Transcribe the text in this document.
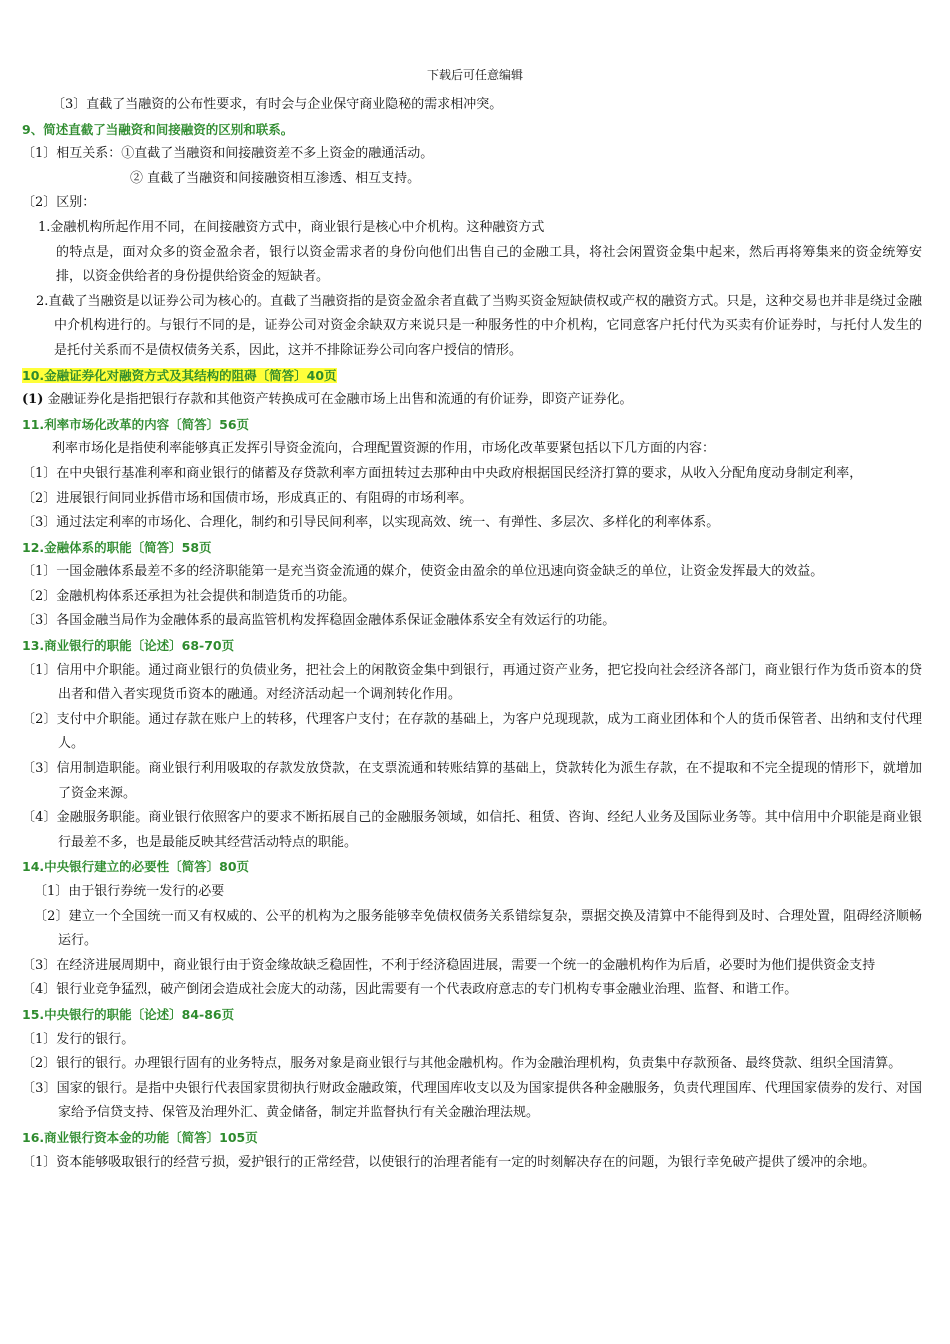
下载后可任意编辑
〔3〕直截了当融资的公布性要求，有时会与企业保守商业隐秘的需求相冲突。
9、简述直截了当融资和间接融资的区别和联系。
〔1〕相互关系：①直截了当融资和间接融资差不多上资金的融通活动。
② 直截了当融资和间接融资相互渗透、相互支持。
〔2〕区别：
1.金融机构所起作用不同，在间接融资方式中，商业银行是核心中介机构。这种融资方式
的特点是，面对众多的资金盈余者，银行以资金需求者的身份向他们出售自己的金融工具，将社会闲置资金集中起来，然后再将筹集来的资金统筹安排，以资金供给者的身份提供给资金的短缺者。
2.直截了当融资是以证券公司为核心的。直截了当融资指的是资金盈余者直截了当购买资金短缺债权或产权的融资方式。只是，这种交易也并非是绕过金融中介机构进行的。与银行不同的是，证券公司对资金余缺双方来说只是一种服务性的中介机构，它同意客户托付代为买卖有价证券时，与托付人发生的是托付关系而不是债权债务关系，因此，这并不排除证券公司向客户授信的情形。
10.金融证券化对融资方式及其结构的阻碍〔简答〕40页
(1) 金融证券化是指把银行存款和其他资产转换成可在金融市场上出售和流通的有价证券，即资产证券化。
11.利率市场化改革的内容〔简答〕56页
利率市场化是指使利率能够真正发挥引导资金流向，合理配置资源的作用，市场化改革要紧包括以下几方面的内容：
〔1〕在中央银行基准利率和商业银行的储蓄及存贷款利率方面扭转过去那种由中央政府根据国民经济打算的要求，从收入分配角度动身制定利率，
〔2〕进展银行间同业拆借市场和国债市场，形成真正的、有阻碍的市场利率。
〔3〕通过法定利率的市场化、合理化，制约和引导民间利率，以实现高效、统一、有弹性、多层次、多样化的利率体系。
12.金融体系的职能〔简答〕58页
〔1〕一国金融体系最差不多的经济职能第一是充当资金流通的媒介，使资金由盈余的单位迅速向资金缺乏的单位，让资金发挥最大的效益。
〔2〕金融机构体系还承担为社会提供和制造货币的功能。
〔3〕各国金融当局作为金融体系的最高监管机构发挥稳固金融体系保证金融体系安全有效运行的功能。
13.商业银行的职能〔论述〕68-70页
〔1〕信用中介职能。通过商业银行的负债业务，把社会上的闲散资金集中到银行，再通过资产业务，把它投向社会经济各部门，商业银行作为货币资本的贷出者和借入者实现货币资本的融通。对经济活动起一个调剂转化作用。
〔2〕支付中介职能。通过存款在账户上的转移，代理客户支付；在存款的基础上，为客户兑现现款，成为工商业团体和个人的货币保管者、出纳和支付代理人。
〔3〕信用制造职能。商业银行利用吸取的存款发放贷款，在支票流通和转账结算的基础上，贷款转化为派生存款，在不提取和不完全提现的情形下，就增加了资金来源。
〔4〕金融服务职能。商业银行依照客户的要求不断拓展自己的金融服务领域，如信托、租赁、咨询、经纪人业务及国际业务等。其中信用中介职能是商业银行最差不多，也是最能反映其经营活动特点的职能。
14.中央银行建立的必要性〔简答〕80页
〔1〕由于银行券统一发行的必要
〔2〕建立一个全国统一而又有权威的、公平的机构为之服务能够幸免债权债务关系错综复杂，票据交换及清算中不能得到及时、合理处置，阻碍经济顺畅运行。
〔3〕在经济进展周期中，商业银行由于资金缘故缺乏稳固性，不利于经济稳固进展，需要一个统一的金融机构作为后盾，必要时为他们提供资金支持
〔4〕银行业竞争猛烈，破产倒闭会造成社会庞大的动荡，因此需要有一个代表政府意志的专门机构专事金融业治理、监督、和谐工作。
15.中央银行的职能〔论述〕84-86页
〔1〕发行的银行。
〔2〕银行的银行。办理银行固有的业务特点，服务对象是商业银行与其他金融机构。作为金融治理机构，负责集中存款预备、最终贷款、组织全国清算。
〔3〕国家的银行。是指中央银行代表国家贯彻执行财政金融政策，代理国库收支以及为国家提供各种金融服务，负责代理国库、代理国家债券的发行、对国家给予信贷支持、保管及治理外汇、黄金储备，制定并监督执行有关金融治理法规。
16.商业银行资本金的功能〔简答〕105页
〔1〕资本能够吸取银行的经营亏损，爱护银行的正常经营，以使银行的治理者能有一定的时刻解决存在的问题，为银行幸免破产提供了缓冲的余地。
